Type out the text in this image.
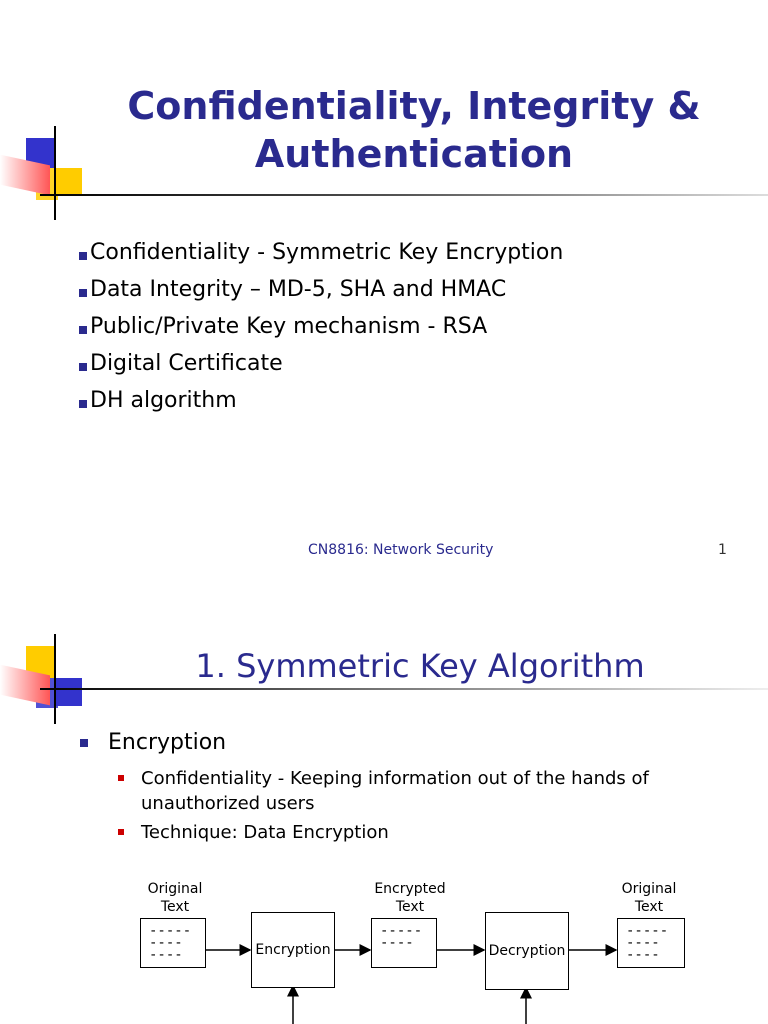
Confidentiality, Integrity &
Authentication
Confidentiality - Symmetric Key Encryption
Data Integrity – MD-5, SHA and HMAC
Public/Private Key mechanism - RSA
Digital Certificate
DH algorithm
CN8816: Network Security	1
1. Symmetric Key Algorithm
Encryption
Confidentiality - Keeping information out of the hands of unauthorized users
Technique: Data Encryption
Original
Text
Encrypted
Text
Original
Text
-----
----
----	Encryption
-----
----	Decryption
-----
----
----
